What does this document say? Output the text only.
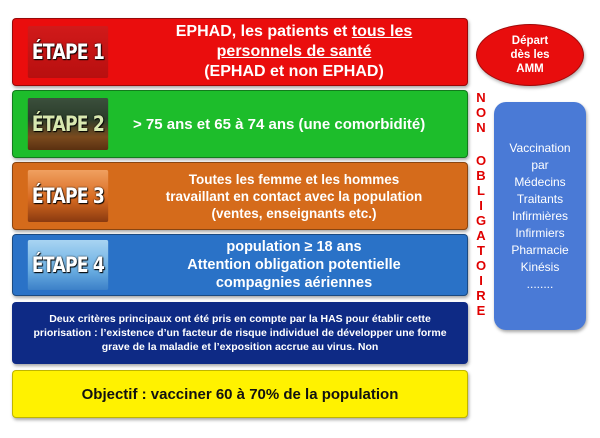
ÉTAPE 1
EPHAD, les patients et tous les
personnels de santé
(EPHAD et non EPHAD)
ÉTAPE 2 > 75 ans et 65 à 74 ans (une comorbidité)
ÉTAPE 3
Toutes les femme et les hommes
travaillant en contact avec la population
(ventes, enseignants etc.)
ÉTAPE 4
population ≥ 18 ans
Attention obligation potentielle
compagnies aériennes
Deux critères principaux ont été pris en compte par la HAS pour établir cette priorisation : l’existence d’un facteur de risque individuel de développer une forme grave de la maladie et l’exposition accrue au virus. Non
Objectif : vacciner 60 à 70% de la population
Départ
dès les
AMM
N
O
N
O
B
L
I
G
A
T
O
I
R
E
Vaccination
par
Médecins
Traitants
Infirmières
Infirmiers
Pharmacie
Kinésis
........
